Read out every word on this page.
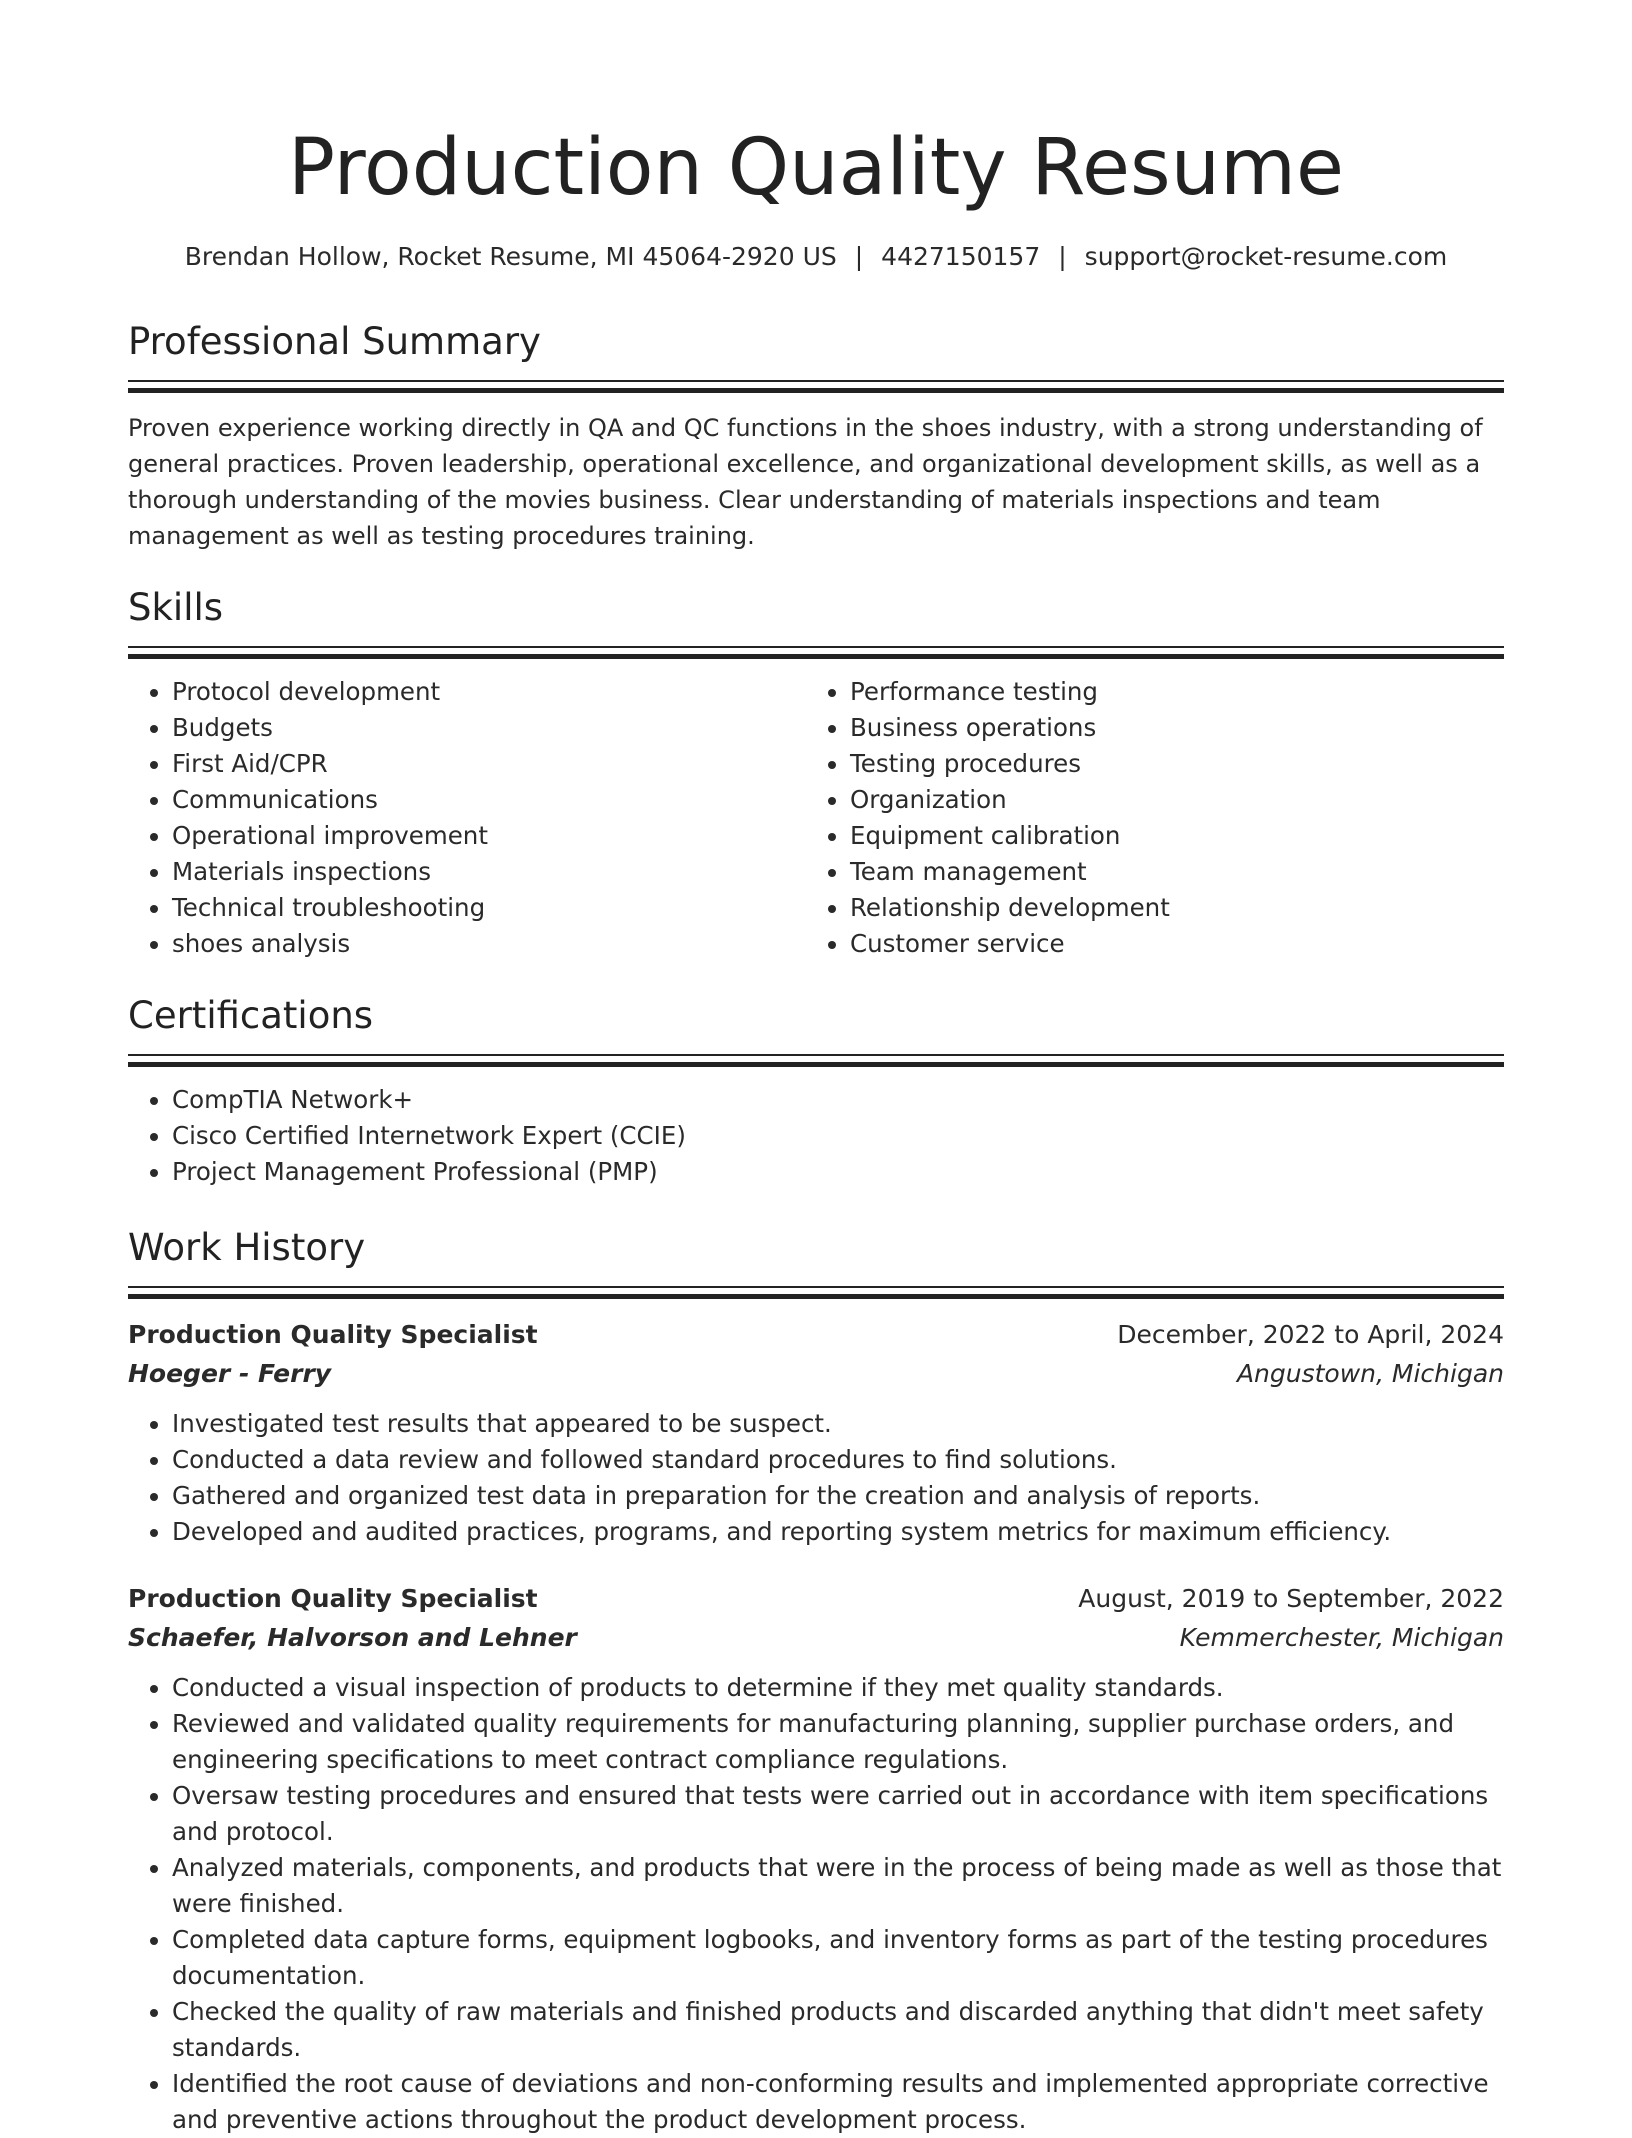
Production Quality Resume
Brendan Hollow, Rocket Resume, MI 45064-2920 US | 4427150157 | support@rocket-resume.com
Professional Summary

Proven experience working directly in QA and QC functions in the shoes industry, with a strong understanding of general practices. Proven leadership, operational excellence, and organizational development skills, as well as a thorough understanding of the movies business. Clear understanding of materials inspections and team management as well as testing procedures training.

Skills
• Protocol development
• Budgets
• First Aid/CPR
• Communications
• Operational improvement
• Materials inspections
• Technical troubleshooting
• shoes analysis
• Performance testing
• Business operations
• Testing procedures
• Organization
• Equipment calibration
• Team management
• Relationship development
• Customer service
Certifications
• CompTIA Network+
• Cisco Certified Internetwork Expert (CCIE)
• Project Management Professional (PMP)
Work History
Production Quality Specialist	December, 2022 to April, 2024
Hoeger - Ferry	Angustown, Michigan
• Investigated test results that appeared to be suspect.
• Conducted a data review and followed standard procedures to find solutions.
• Gathered and organized test data in preparation for the creation and analysis of reports.
• Developed and audited practices, programs, and reporting system metrics for maximum efficiency.
Production Quality Specialist	August, 2019 to September, 2022
Schaefer, Halvorson and Lehner	Kemmerchester, Michigan
• Conducted a visual inspection of products to determine if they met quality standards.
• Reviewed and validated quality requirements for manufacturing planning, supplier purchase orders, and engineering specifications to meet contract compliance regulations.
• Oversaw testing procedures and ensured that tests were carried out in accordance with item specifications and protocol.
• Analyzed materials, components, and products that were in the process of being made as well as those that were finished.
• Completed data capture forms, equipment logbooks, and inventory forms as part of the testing procedures documentation.
• Checked the quality of raw materials and finished products and discarded anything that didn't meet safety standards.
• Identified the root cause of deviations and non-conforming results and implemented appropriate corrective and preventive actions throughout the product development process.
